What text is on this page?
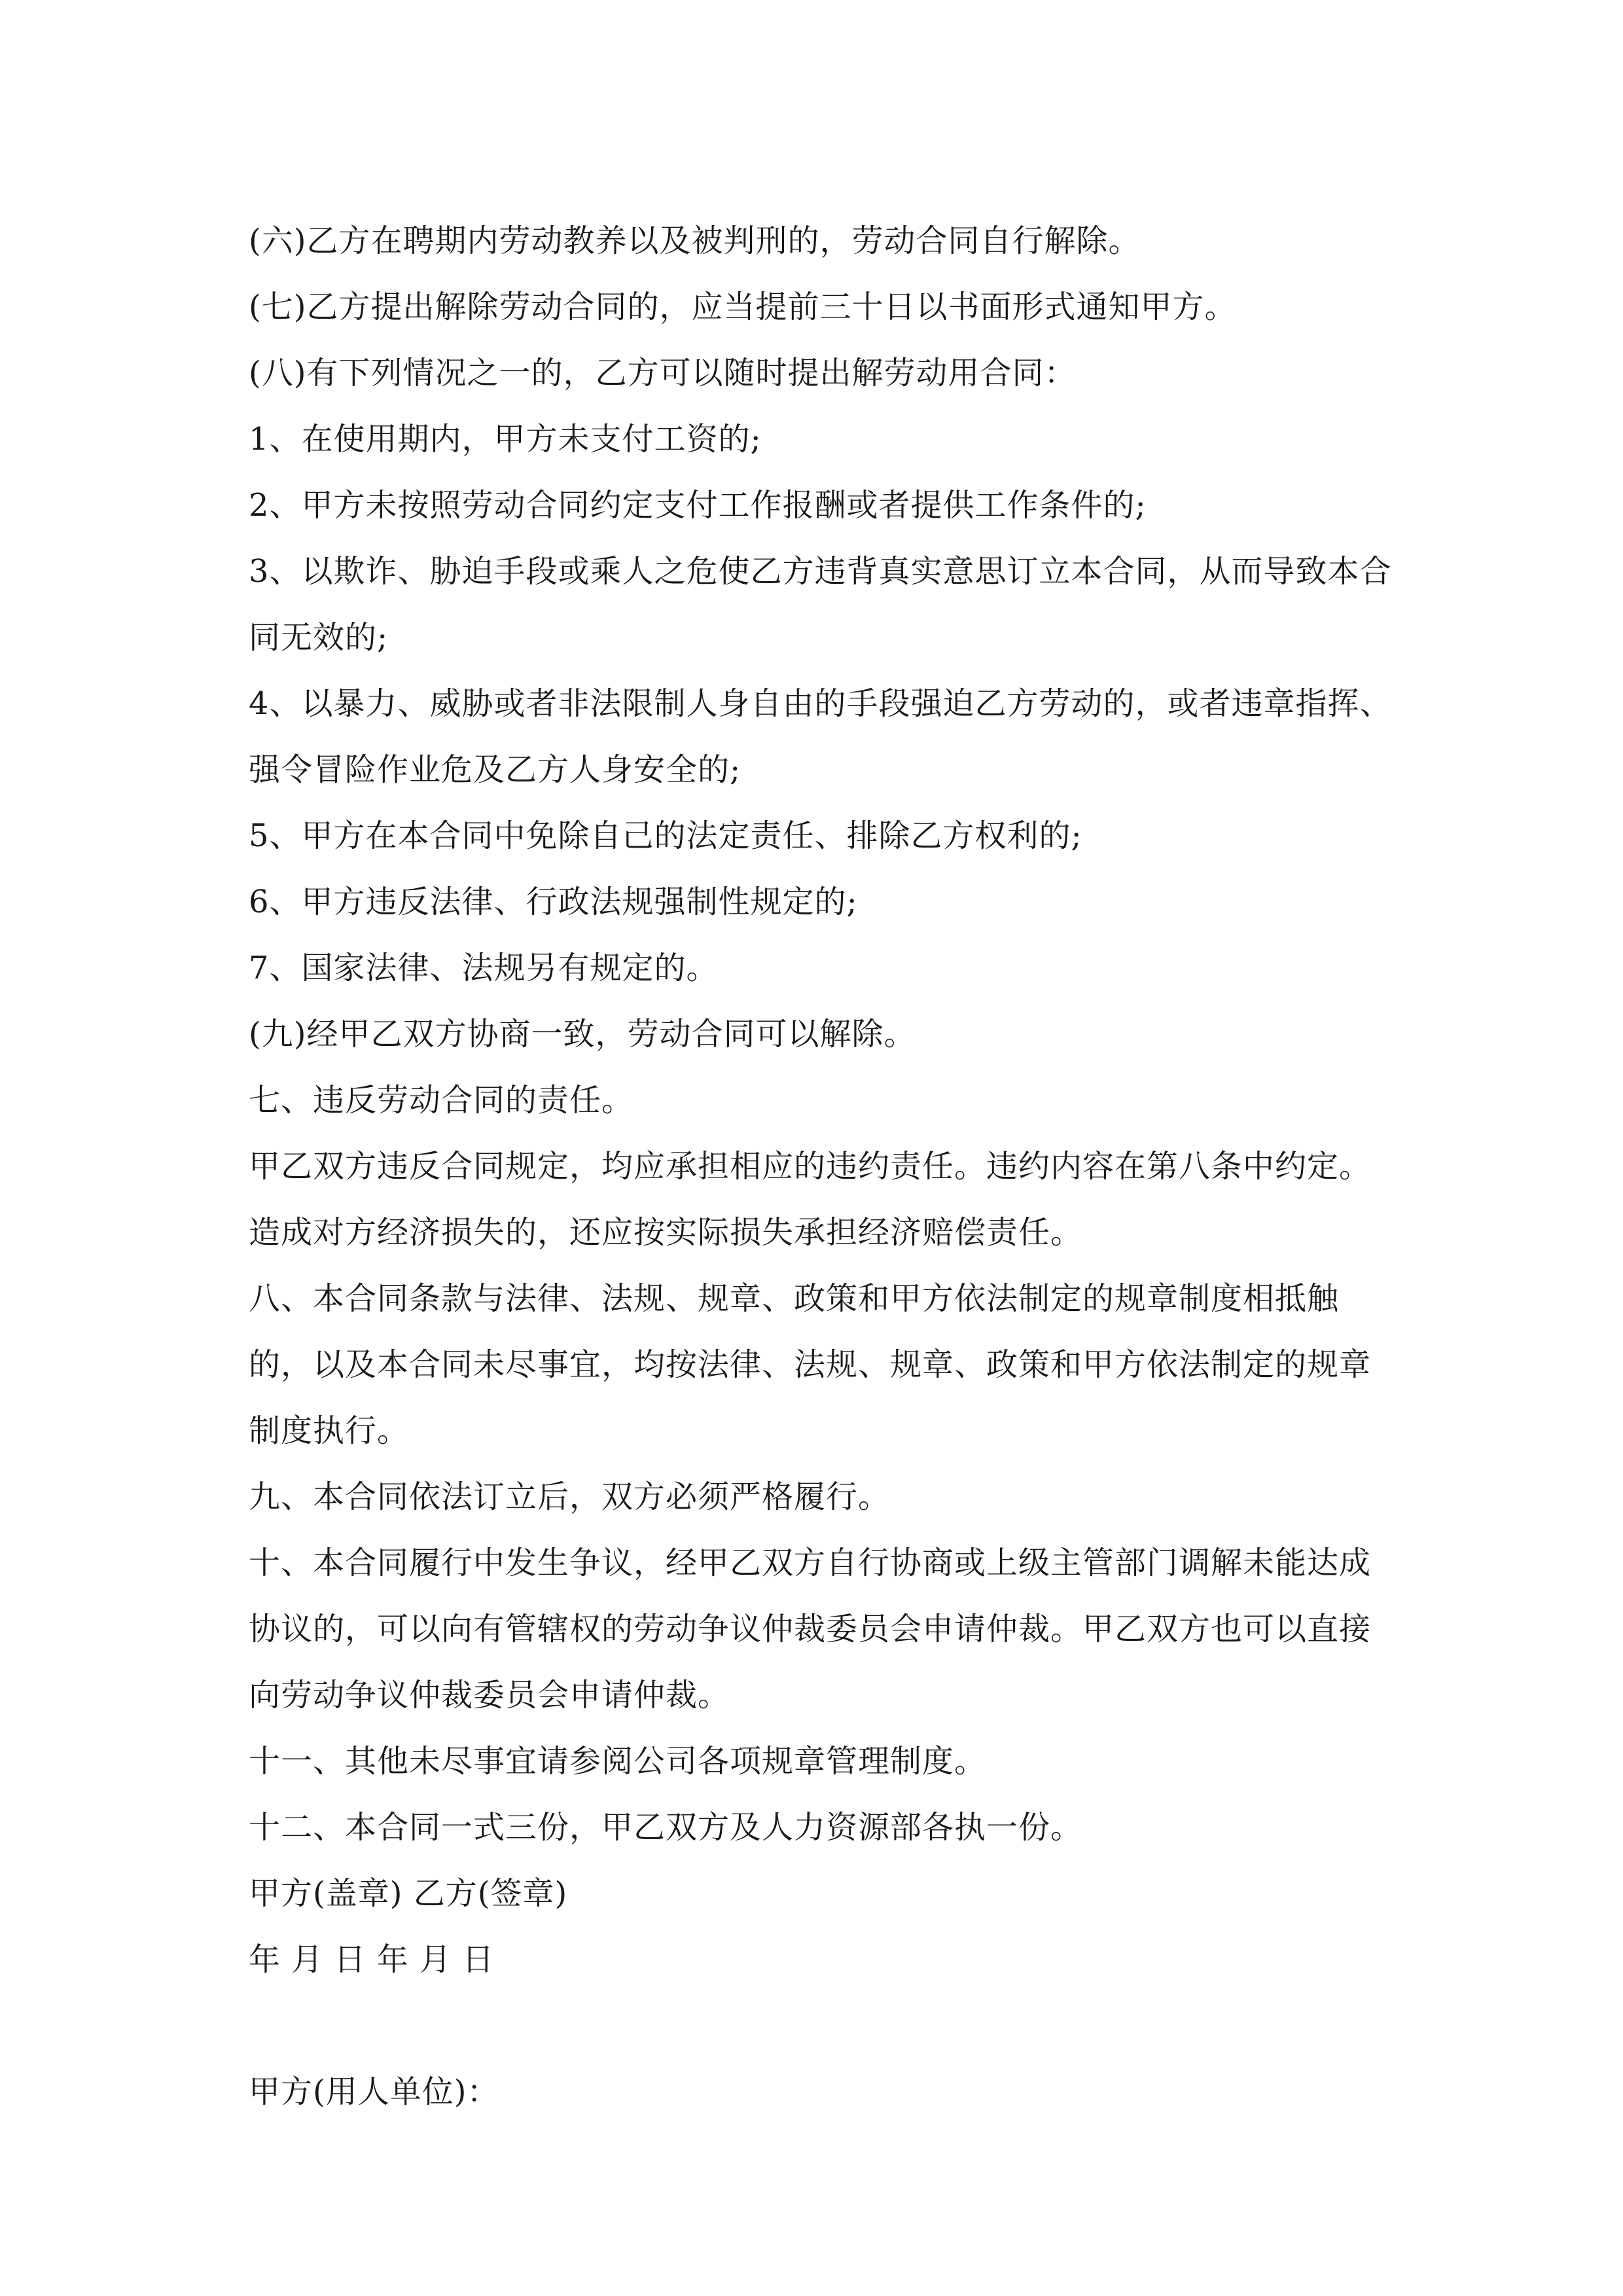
(六)乙方在聘期内劳动教养以及被判刑的，劳动合同自行解除。

(七)乙方提出解除劳动合同的，应当提前三十日以书面形式通知甲方。

(八)有下列情况之一的，乙方可以随时提出解劳动用合同：

1、在使用期内，甲方未支付工资的;

2、甲方未按照劳动合同约定支付工作报酬或者提供工作条件的;

3、以欺诈、胁迫手段或乘人之危使乙方违背真实意思订立本合同，从而导致本合同无效的;

4、以暴力、威胁或者非法限制人身自由的手段强迫乙方劳动的，或者违章指挥、强令冒险作业危及乙方人身安全的;

5、甲方在本合同中免除自己的法定责任、排除乙方权利的;

6、甲方违反法律、行政法规强制性规定的;

7、国家法律、法规另有规定的。

(九)经甲乙双方协商一致，劳动合同可以解除。

七、违反劳动合同的责任。

甲乙双方违反合同规定，均应承担相应的违约责任。违约内容在第八条中约定。造成对方经济损失的，还应按实际损失承担经济赔偿责任。

八、本合同条款与法律、法规、规章、政策和甲方依法制定的规章制度相抵触的，以及本合同未尽事宜，均按法律、法规、规章、政策和甲方依法制定的规章制度执行。

九、本合同依法订立后，双方必须严格履行。

十、本合同履行中发生争议，经甲乙双方自行协商或上级主管部门调解未能达成协议的，可以向有管辖权的劳动争议仲裁委员会申请仲裁。甲乙双方也可以直接向劳动争议仲裁委员会申请仲裁。

十一、其他未尽事宜请参阅公司各项规章管理制度。

十二、本合同一式三份，甲乙双方及人力资源部各执一份。

甲方(盖章) 乙方(签章)

年 月 日 年 月 日

甲方(用人单位)：
